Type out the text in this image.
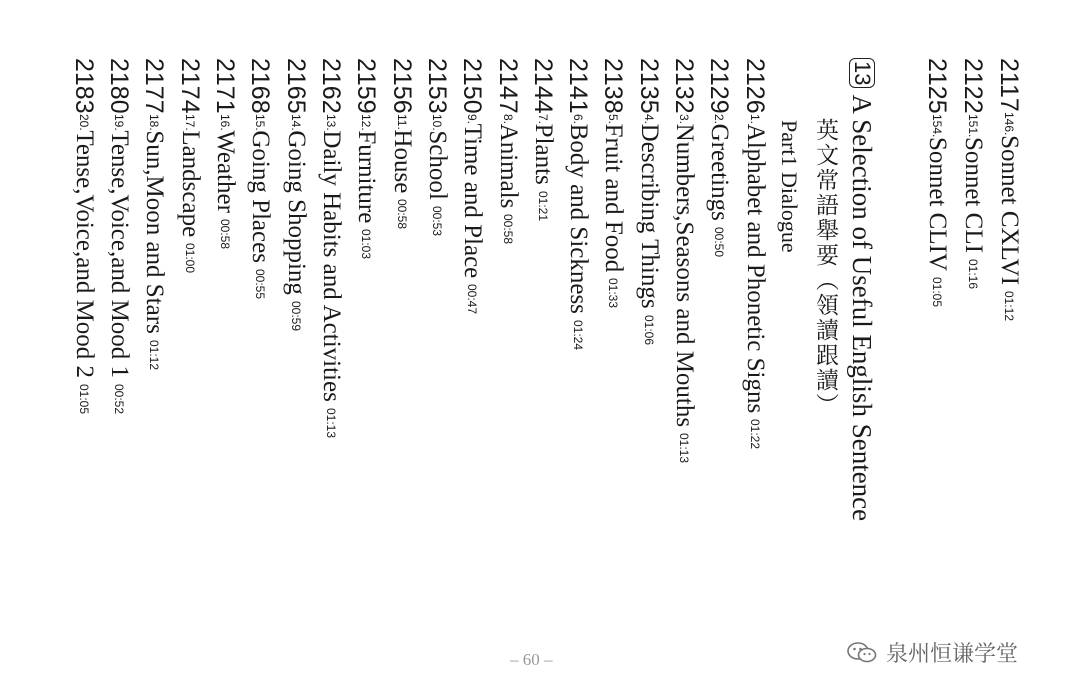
2117146.Sonnet CXLVI01:12
2122151.Sonnet CLI01:16
2125154.Sonnet CLIV01:05
13A Selection of Useful English Sentence
英文常語舉要（領讀跟讀）
Part1 Dialogue
21261.Alphabet and Phonetic Signs01:22
21292.Greetings00:50
21323.Numbers,Seasons and Mouths01:13
21354.Describing Things01:06
21385.Fruit and Food01:33
21416.Body and Sickness01:24
21447.Plants01:21
21478.Animals00:58
21509.Time and Place00:47
215310.School00:53
215611.House00:58
215912.Furniture01:03
216213.Daily Habits and Activities01:13
216514.Going Shopping00:59
216815.Going Places00:55
217116.Weather00:58
217417.Landscape01:00
217718.Sun,Moon and Stars01:12
218019.Tense,Voice,and Mood 100:52
218320.Tense,Voice,and Mood 201:05
– 60 –	泉州恒谦学堂
